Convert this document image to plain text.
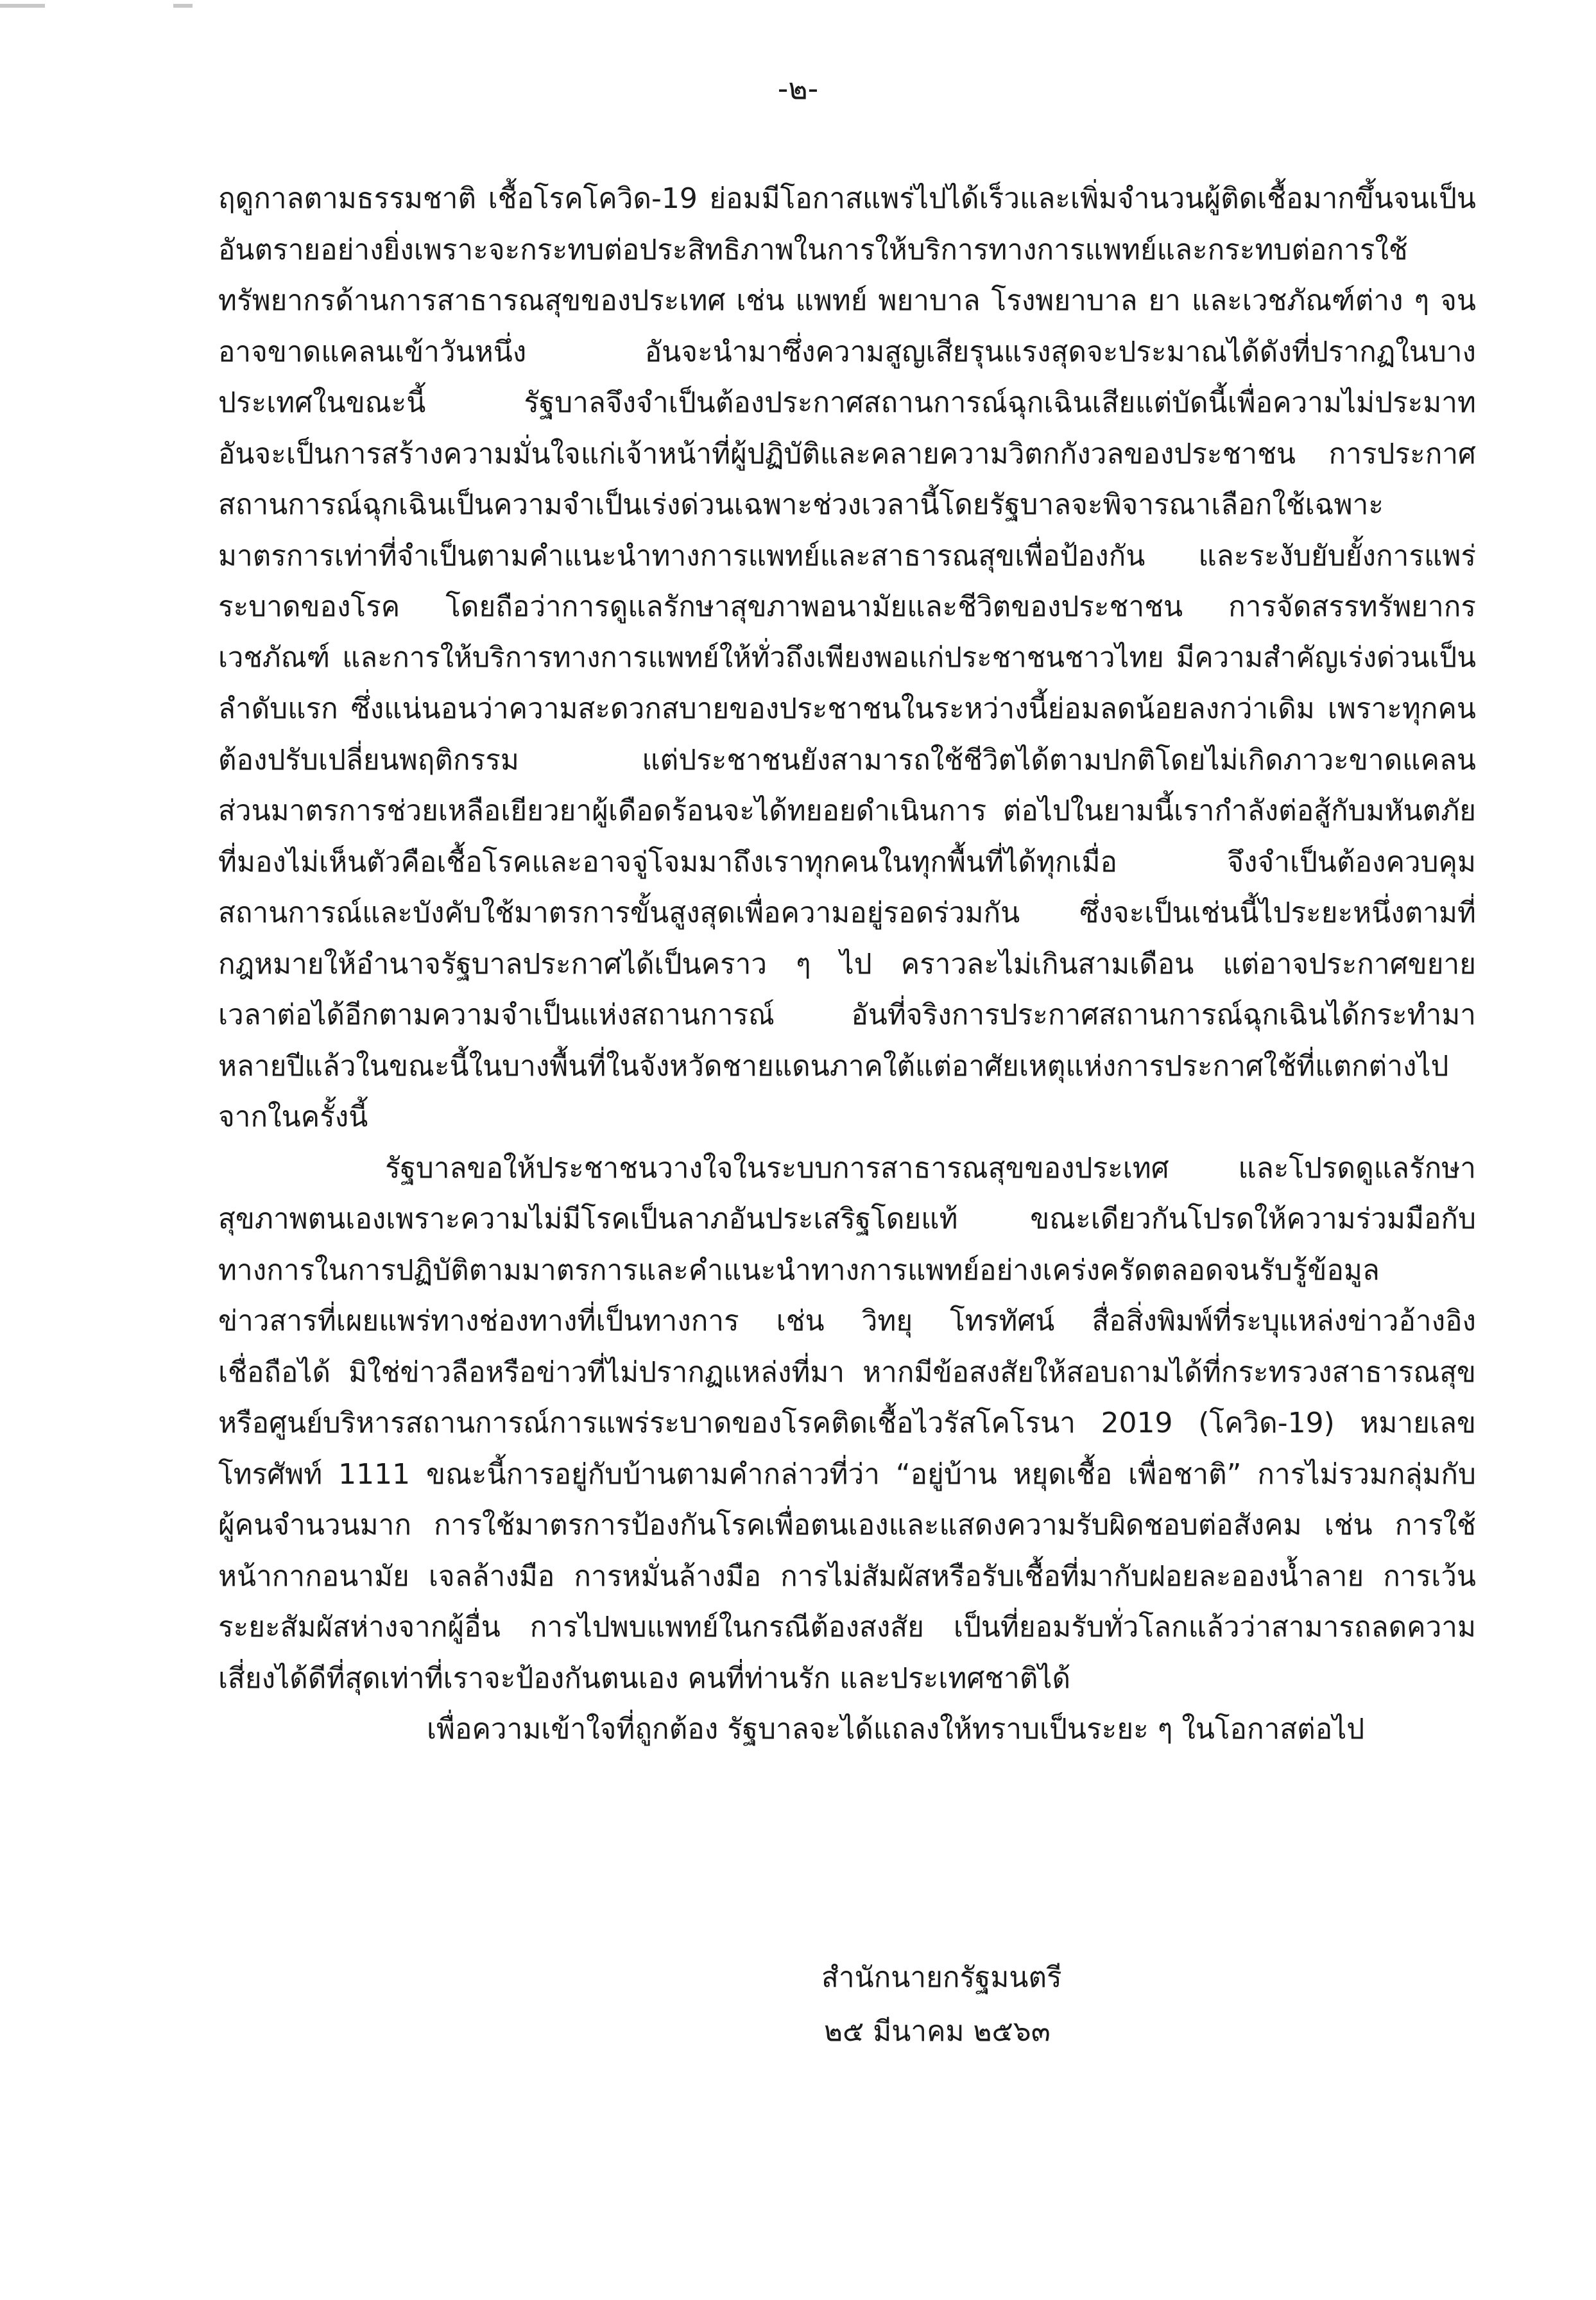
-๒-
ฤดูกาลตามธรรมชาติ เชื้อโรคโควิด-19 ย่อมมีโอกาสแพร่ไปได้เร็วและเพิ่มจำนวนผู้ติดเชื้อมากขึ้นจนเป็น
อันตรายอย่างยิ่งเพราะจะกระทบต่อประสิทธิภาพในการให้บริการทางการแพทย์และกระทบต่อการใช้
ทรัพยากรด้านการสาธารณสุขของประเทศ เช่น แพทย์ พยาบาล โรงพยาบาล ยา และเวชภัณฑ์ต่าง ๆ จน
อาจขาดแคลนเข้าวันหนึ่ง อันจะนำมาซึ่งความสูญเสียรุนแรงสุดจะประมาณได้ดังที่ปรากฏในบาง
ประเทศในขณะนี้ รัฐบาลจึงจำเป็นต้องประกาศสถานการณ์ฉุกเฉินเสียแต่บัดนี้เพื่อความไม่ประมาท
อันจะเป็นการสร้างความมั่นใจแก่เจ้าหน้าที่ผู้ปฏิบัติและคลายความวิตกกังวลของประชาชน การประกาศ
สถานการณ์ฉุกเฉินเป็นความจำเป็นเร่งด่วนเฉพาะช่วงเวลานี้โดยรัฐบาลจะพิจารณาเลือกใช้เฉพาะ
มาตรการเท่าที่จำเป็นตามคำแนะนำทางการแพทย์และสาธารณสุขเพื่อป้องกัน และระงับยับยั้งการแพร่
ระบาดของโรค โดยถือว่าการดูแลรักษาสุขภาพอนามัยและชีวิตของประชาชน การจัดสรรทรัพยากร
เวชภัณฑ์ และการให้บริการทางการแพทย์ให้ทั่วถึงเพียงพอแก่ประชาชนชาวไทย มีความสำคัญเร่งด่วนเป็น
ลำดับแรก ซึ่งแน่นอนว่าความสะดวกสบายของประชาชนในระหว่างนี้ย่อมลดน้อยลงกว่าเดิม เพราะทุกคน
ต้องปรับเปลี่ยนพฤติกรรม แต่ประชาชนยังสามารถใช้ชีวิตได้ตามปกติโดยไม่เกิดภาวะขาดแคลน
ส่วนมาตรการช่วยเหลือเยียวยาผู้เดือดร้อนจะได้ทยอยดำเนินการ ต่อไปในยามนี้เรากำลังต่อสู้กับมหันตภัย
ที่มองไม่เห็นตัวคือเชื้อโรคและอาจจู่โจมมาถึงเราทุกคนในทุกพื้นที่ได้ทุกเมื่อ จึงจำเป็นต้องควบคุม
สถานการณ์และบังคับใช้มาตรการขั้นสูงสุดเพื่อความอยู่รอดร่วมกัน ซึ่งจะเป็นเช่นนี้ไประยะหนึ่งตามที่
กฎหมายให้อำนาจรัฐบาลประกาศได้เป็นคราว ๆ ไป คราวละไม่เกินสามเดือน แต่อาจประกาศขยาย
เวลาต่อได้อีกตามความจำเป็นแห่งสถานการณ์ อันที่จริงการประกาศสถานการณ์ฉุกเฉินได้กระทำมา
หลายปีแล้วในขณะนี้ในบางพื้นที่ในจังหวัดชายแดนภาคใต้แต่อาศัยเหตุแห่งการประกาศใช้ที่แตกต่างไป
จากในครั้งนี้
รัฐบาลขอให้ประชาชนวางใจในระบบการสาธารณสุขของประเทศ และโปรดดูแลรักษา
สุขภาพตนเองเพราะความไม่มีโรคเป็นลาภอันประเสริฐโดยแท้ ขณะเดียวกันโปรดให้ความร่วมมือกับ
ทางการในการปฏิบัติตามมาตรการและคำแนะนำทางการแพทย์อย่างเคร่งครัดตลอดจนรับรู้ข้อมูล
ข่าวสารที่เผยแพร่ทางช่องทางที่เป็นทางการ เช่น วิทยุ โทรทัศน์ สื่อสิ่งพิมพ์ที่ระบุแหล่งข่าวอ้างอิง
เชื่อถือได้ มิใช่ข่าวลือหรือข่าวที่ไม่ปรากฏแหล่งที่มา หากมีข้อสงสัยให้สอบถามได้ที่กระทรวงสาธารณสุข
หรือศูนย์บริหารสถานการณ์การแพร่ระบาดของโรคติดเชื้อไวรัสโคโรนา 2019 (โควิด-19) หมายเลข
โทรศัพท์ 1111 ขณะนี้การอยู่กับบ้านตามคำกล่าวที่ว่า “อยู่บ้าน หยุดเชื้อ เพื่อชาติ” การไม่รวมกลุ่มกับ
ผู้คนจำนวนมาก การใช้มาตรการป้องกันโรคเพื่อตนเองและแสดงความรับผิดชอบต่อสังคม เช่น การใช้
หน้ากากอนามัย เจลล้างมือ การหมั่นล้างมือ การไม่สัมผัสหรือรับเชื้อที่มากับฝอยละอองน้ำลาย การเว้น
ระยะสัมผัสห่างจากผู้อื่น การไปพบแพทย์ในกรณีต้องสงสัย เป็นที่ยอมรับทั่วโลกแล้วว่าสามารถลดความ
เสี่ยงได้ดีที่สุดเท่าที่เราจะป้องกันตนเอง คนที่ท่านรัก และประเทศชาติได้
เพื่อความเข้าใจที่ถูกต้อง รัฐบาลจะได้แถลงให้ทราบเป็นระยะ ๆ ในโอกาสต่อไป
สำนักนายกรัฐมนตรี
๒๕ มีนาคม ๒๕๖๓
